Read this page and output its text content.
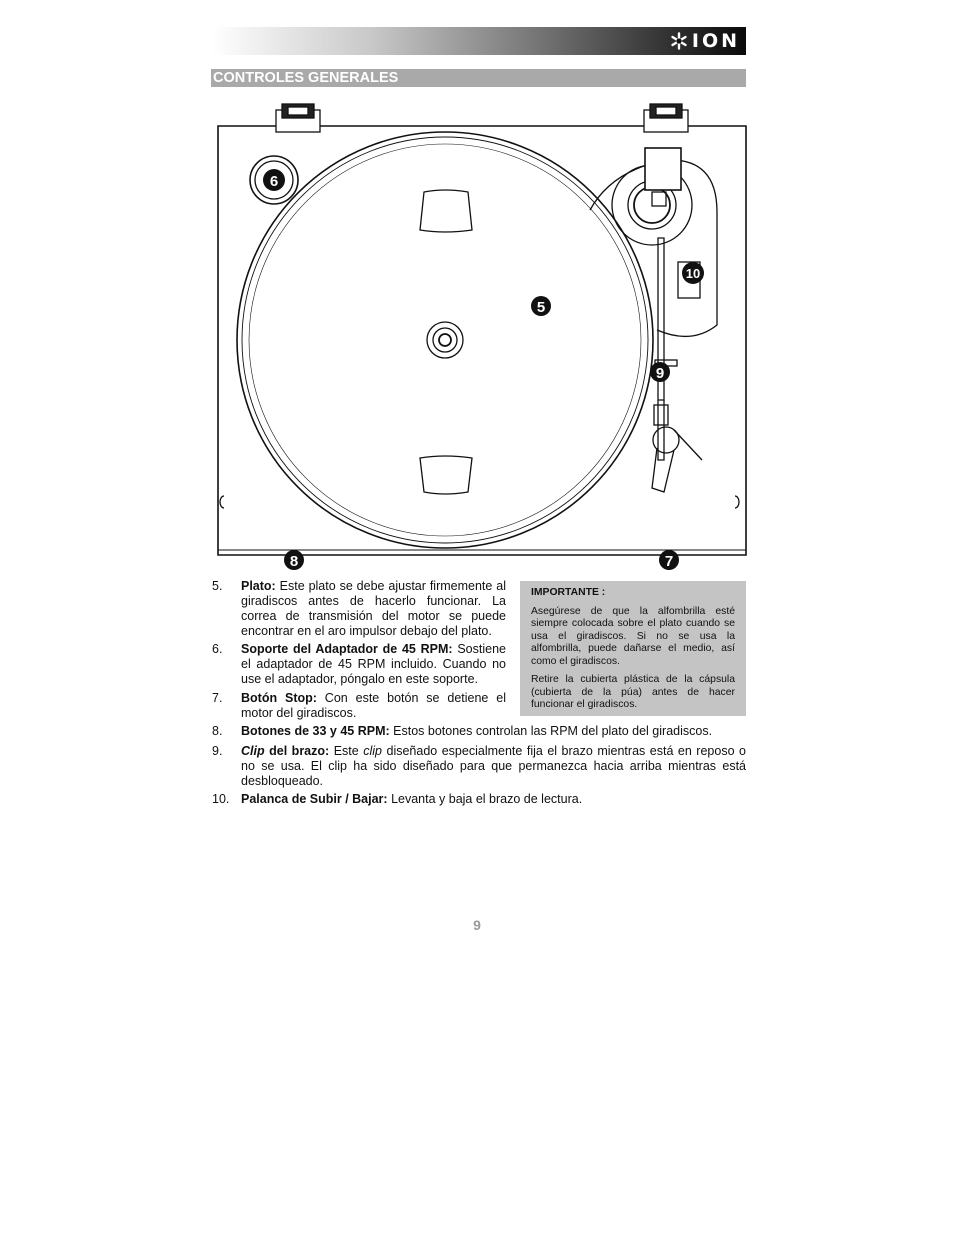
ION
CONTROLES GENERALES
5
6
7
8
9
10
5. Plato: Este plato se debe ajustar firmemente al giradiscos antes de hacerlo funcionar. La correa de transmisión del motor se puede encontrar en el aro impulsor debajo del plato.
6. Soporte del Adaptador de 45 RPM: Sostiene el adaptador de 45 RPM incluido. Cuando no use el adaptador, póngalo en este soporte.
7. Botón Stop: Con este botón se detiene el motor del giradiscos.
8. Botones de 33 y 45 RPM: Estos botones controlan las RPM del plato del giradiscos.
9. Clip del brazo: Este clip diseñado especialmente fija el brazo mientras está en reposo o no se usa. El clip ha sido diseñado para que permanezca hacia arriba mientras está desbloqueado.
10. Palanca de Subir / Bajar: Levanta y baja el brazo de lectura.
IMPORTANTE :

Asegúrese de que la alfombrilla esté siempre colocada sobre el plato cuando se usa el giradiscos. Si no se usa la alfombrilla, puede dañarse el medio, así como el giradiscos.

Retire la cubierta plástica de la cápsula (cubierta de la púa) antes de hacer funcionar el giradiscos.

9
